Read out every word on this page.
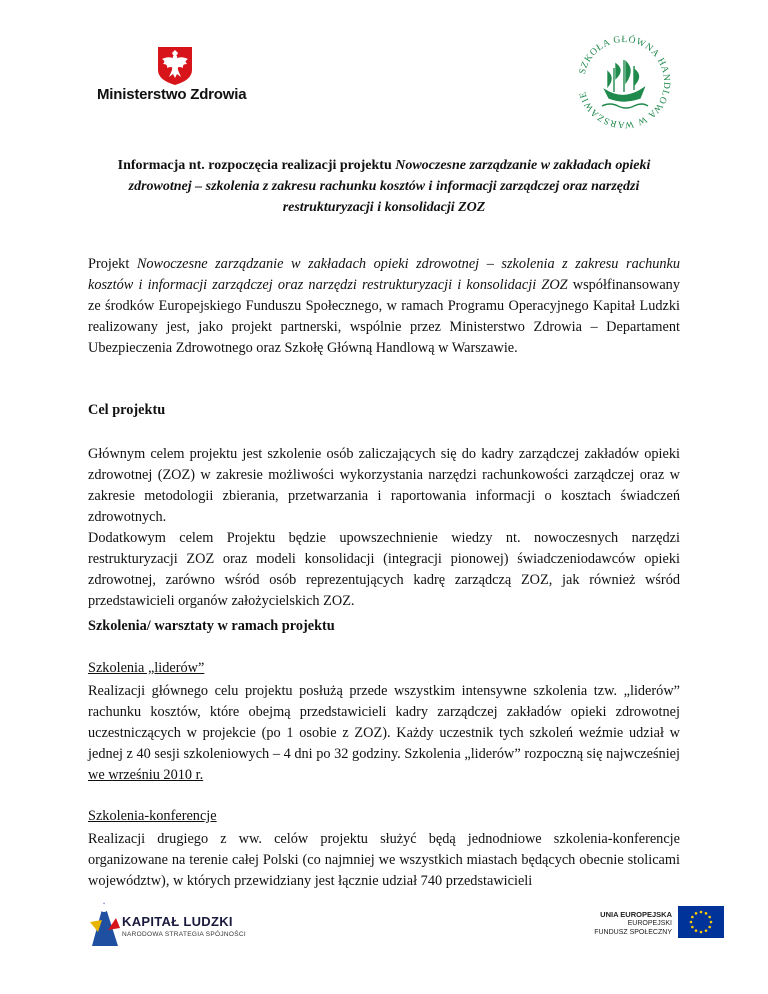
Ministerstwo Zdrowia
SZKOŁA GŁÓWNA HANDLOWA W WARSZAWIE
Informacja nt. rozpoczęcia realizacji projektu Nowoczesne zarządzanie w zakładach opieki zdrowotnej – szkolenia z zakresu rachunku kosztów i informacji zarządczej oraz narzędzi restrukturyzacji i konsolidacji ZOZ
Projekt Nowoczesne zarządzanie w zakładach opieki zdrowotnej – szkolenia z zakresu rachunku kosztów i informacji zarządczej oraz narzędzi restrukturyzacji i konsolidacji ZOZ współfinansowany ze środków Europejskiego Funduszu Społecznego, w ramach Programu Operacyjnego Kapitał Ludzki realizowany jest, jako projekt partnerski, wspólnie przez Ministerstwo Zdrowia – Departament Ubezpieczenia Zdrowotnego oraz Szkołę Główną Handlową w Warszawie.
Cel projektu

Głównym celem projektu jest szkolenie osób zaliczających się do kadry zarządczej zakładów opieki zdrowotnej (ZOZ) w zakresie możliwości wykorzystania narzędzi rachunkowości zarządczej oraz w zakresie metodologii zbierania, przetwarzania i raportowania informacji o kosztach świadczeń zdrowotnych.

Dodatkowym celem Projektu będzie upowszechnienie wiedzy nt. nowoczesnych narzędzi restrukturyzacji ZOZ oraz modeli konsolidacji (integracji pionowej) świadczeniodawców opieki zdrowotnej, zarówno wśród osób reprezentujących kadrę zarządczą ZOZ, jak również wśród przedstawicieli organów założycielskich ZOZ.

Szkolenia/ warsztaty w ramach projektu
Szkolenia „liderów”
Realizacji głównego celu projektu posłużą przede wszystkim intensywne szkolenia tzw. „liderów” rachunku kosztów, które obejmą przedstawicieli kadry zarządczej zakładów opieki zdrowotnej uczestniczących w projekcie (po 1 osobie z ZOZ). Każdy uczestnik tych szkoleń weźmie udział w jednej z 40 sesji szkoleniowych – 4 dni po 32 godziny. Szkolenia „liderów” rozpoczną się najwcześniej we wrześniu 2010 r.
Szkolenia-konferencje
Realizacji drugiego z ww. celów projektu służyć będą jednodniowe szkolenia-konferencje organizowane na terenie całej Polski (co najmniej we wszystkich miastach będących obecnie stolicami województw), w których przewidziany jest łącznie udział 740 przedstawicieli
KAPITAŁ LUDZKI
NARODOWA STRATEGIA SPÓJNOŚCI
UNIA EUROPEJSKA
EUROPEJSKI
FUNDUSZ SPOŁECZNY
